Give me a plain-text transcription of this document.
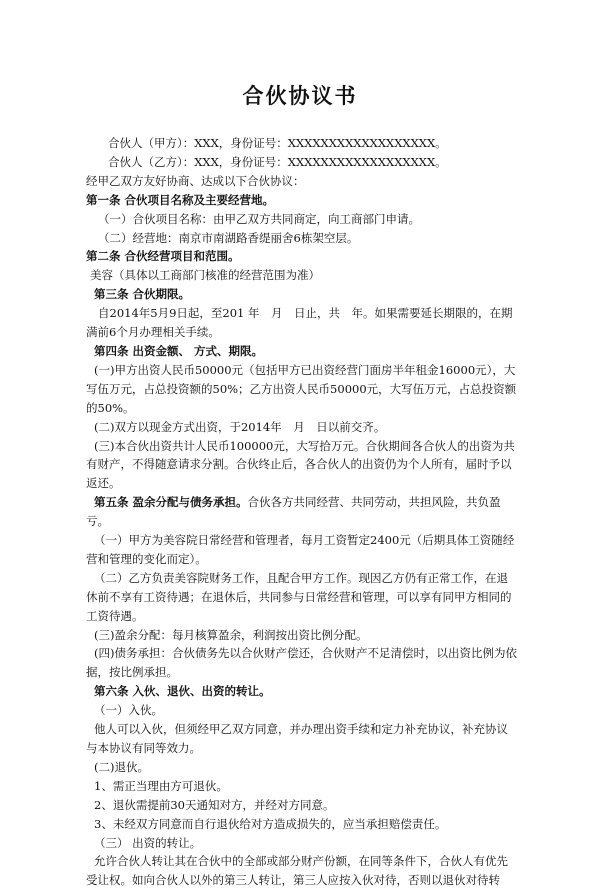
合伙协议书

合伙人（甲方）：XXX，身份证号：XXXXXXXXXXXXXXXXXX。

合伙人（乙方）：XXX，身份证号：XXXXXXXXXXXXXXXXXX。

经甲乙双方友好协商、达成以下合伙协议：

第一条 合伙项目名称及主要经营地。

（一）合伙项目名称：由甲乙双方共同商定，向工商部门申请。

（二）经营地：南京市南湖路香缇丽舍6栋架空层。

第二条 合伙经营项目和范围。

美容（具体以工商部门核准的经营范围为准）

第三条 合伙期限。

自2014年5月9日起，至201 年　月　日止，共　年。如果需要延长期限的，在期满前6个月办理相关手续。

第四条 出资金额、 方式、期限。

(一)甲方出资人民币50000元（包括甲方已出资经营门面房半年租金16000元），大写伍万元，占总投资额的50%；乙方出资人民币50000元，大写伍万元，占总投资额的50%。

(二)双方以现金方式出资，于2014年　月　日以前交齐。

(三)本合伙出资共计人民币100000元，大写拾万元。合伙期间各合伙人的出资为共有财产，不得随意请求分割。合伙终止后，各合伙人的出资仍为个人所有，届时予以返还。

第五条 盈余分配与债务承担。合伙各方共同经营、共同劳动，共担风险，共负盈亏。

（一）甲方为美容院日常经营和管理者，每月工资暂定2400元（后期具体工资随经营和管理的变化而定）。

（二）乙方负责美容院财务工作，且配合甲方工作。现因乙方仍有正常工作，在退休前不享有工资待遇；在退休后，共同参与日常经营和管理，可以享有同甲方相同的工资待遇。

(三)盈余分配：每月核算盈余，利润按出资比例分配。

(四)债务承担：合伙债务先以合伙财产偿还，合伙财产不足清偿时，以出资比例为依据，按比例承担。

第六条 入伙、退伙、出资的转让。

（一）入伙。

他人可以入伙，但须经甲乙双方同意，并办理出资手续和定力补充协议，补充协议与本协议有同等效力。

(二)退伙。

1、需正当理由方可退伙。

2、退伙需提前30天通知对方，并经对方同意。

3、未经双方同意而自行退伙给对方造成损失的，应当承担赔偿责任。

（三） 出资的转让。

允许合伙人转让其在合伙中的全部或部分财产份额，在同等条件下，合伙人有优先受让权。如向合伙人以外的第三人转让，第三人应按入伙对待，否则以退伙对待转
